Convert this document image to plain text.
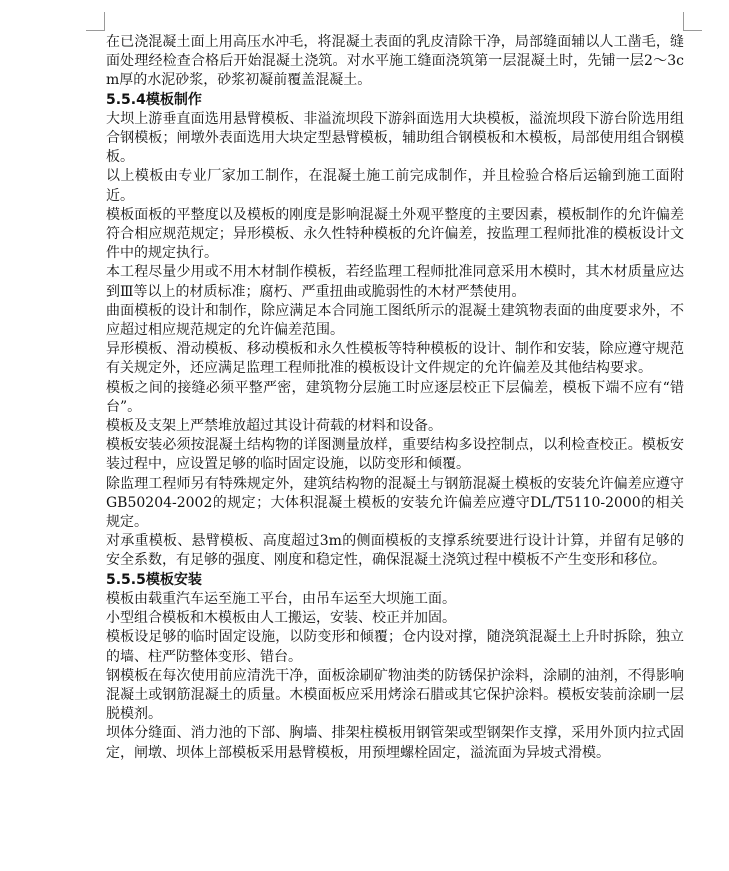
在已浇混凝土面上用高压水冲毛，将混凝土表面的乳皮清除干净，局部缝面辅以人工凿毛，缝面处理经检查合格后开始混凝土浇筑。对水平施工缝面浇筑第一层混凝土时，先铺一层2～3cm厚的水泥砂浆，砂浆初凝前覆盖混凝土。

5.5.4模板制作

大坝上游垂直面选用悬臂模板、非溢流坝段下游斜面选用大块模板，溢流坝段下游台阶选用组合钢模板；闸墩外表面选用大块定型悬臂模板，辅助组合钢模板和木模板，局部使用组合钢模板。

以上模板由专业厂家加工制作，在混凝土施工前完成制作，并且检验合格后运输到施工面附近。

模板面板的平整度以及模板的刚度是影响混凝土外观平整度的主要因素，模板制作的允许偏差符合相应规范规定；异形模板、永久性特种模板的允许偏差，按监理工程师批准的模板设计文件中的规定执行。

本工程尽量少用或不用木材制作模板，若经监理工程师批准同意采用木模时，其木材质量应达到Ⅲ等以上的材质标准；腐朽、严重扭曲或脆弱性的木材严禁使用。

曲面模板的设计和制作，除应满足本合同施工图纸所示的混凝土建筑物表面的曲度要求外，不应超过相应规范规定的允许偏差范围。

异形模板、滑动模板、移动模板和永久性模板等特种模板的设计、制作和安装，除应遵守规范有关规定外，还应满足监理工程师批准的模板设计文件规定的允许偏差及其他结构要求。

模板之间的接缝必须平整严密，建筑物分层施工时应逐层校正下层偏差，模板下端不应有“错台”。

模板及支架上严禁堆放超过其设计荷载的材料和设备。

模板安装必须按混凝土结构物的详图测量放样，重要结构多设控制点，以利检查校正。模板安装过程中，应设置足够的临时固定设施，以防变形和倾覆。

除监理工程师另有特殊规定外，建筑结构物的混凝土与钢筋混凝土模板的安装允许偏差应遵守GB50204-2002的规定；大体积混凝土模板的安装允许偏差应遵守DL/T5110-2000的相关规定。

对承重模板、悬臂模板、高度超过3m的侧面模板的支撑系统要进行设计计算，并留有足够的安全系数，有足够的强度、刚度和稳定性，确保混凝土浇筑过程中模板不产生变形和移位。

5.5.5模板安装

模板由载重汽车运至施工平台，由吊车运至大坝施工面。

小型组合模板和木模板由人工搬运，安装、校正并加固。

模板设足够的临时固定设施，以防变形和倾覆；仓内设对撑，随浇筑混凝土上升时拆除，独立的墙、柱严防整体变形、错台。

钢模板在每次使用前应清洗干净，面板涂刷矿物油类的防锈保护涂料，涂刷的油剂，不得影响混凝土或钢筋混凝土的质量。木模面板应采用烤涂石腊或其它保护涂料。模板安装前涂刷一层脱模剂。

坝体分缝面、消力池的下部、胸墙、排架柱模板用钢管架或型钢架作支撑，采用外顶内拉式固定，闸墩、坝体上部模板采用悬臂模板，用预埋螺栓固定，溢流面为异坡式滑模。
